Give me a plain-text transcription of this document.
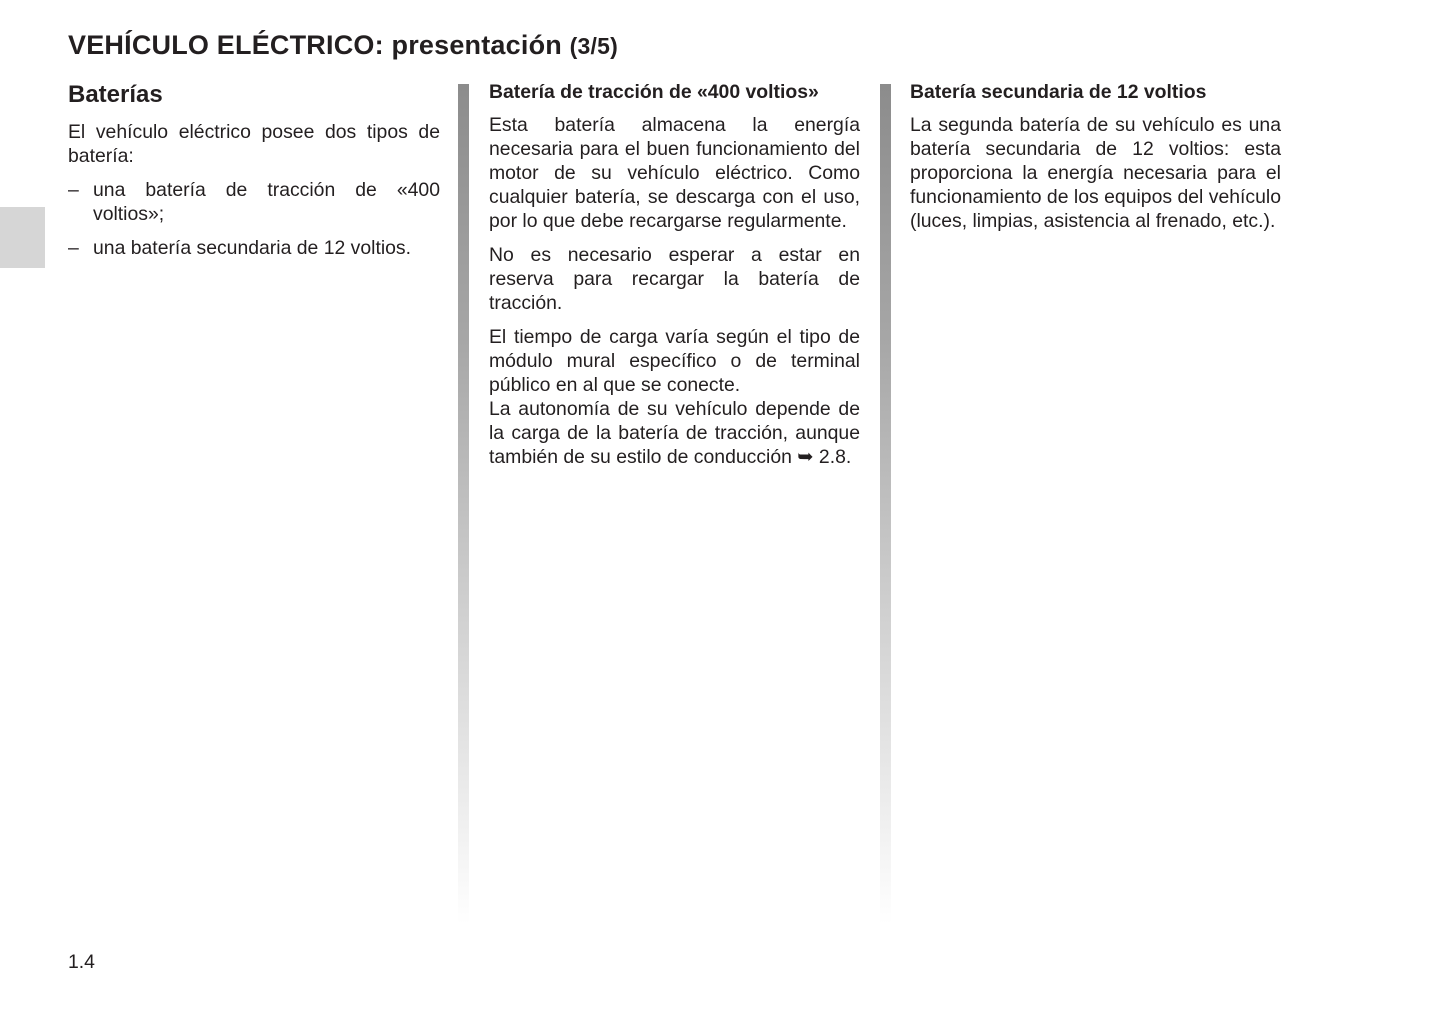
VEHÍCULO ELÉCTRICO: presentación (3/5)
Baterías

El vehículo eléctrico posee dos tipos de batería:

– una batería de tracción de «400 voltios»;
– una batería secundaria de 12 voltios.
Batería de tracción de «400 voltios»

Esta batería almacena la energía necesaria para el buen funcionamiento del motor de su vehículo eléctrico. Como cualquier batería, se descarga con el uso, por lo que debe recargarse regularmente.

No es necesario esperar a estar en reserva para recargar la batería de tracción.

El tiempo de carga varía según el tipo de módulo mural específico o de terminal público en al que se conecte.

La autonomía de su vehículo depende de la carga de la batería de tracción, aunque también de su estilo de conducción ➥ 2.8.

Batería secundaria de 12 voltios

La segunda batería de su vehículo es una batería secundaria de 12 voltios: esta proporciona la energía necesaria para el funcionamiento de los equipos del vehículo (luces, limpias, asistencia al frenado, etc.).

1.4
